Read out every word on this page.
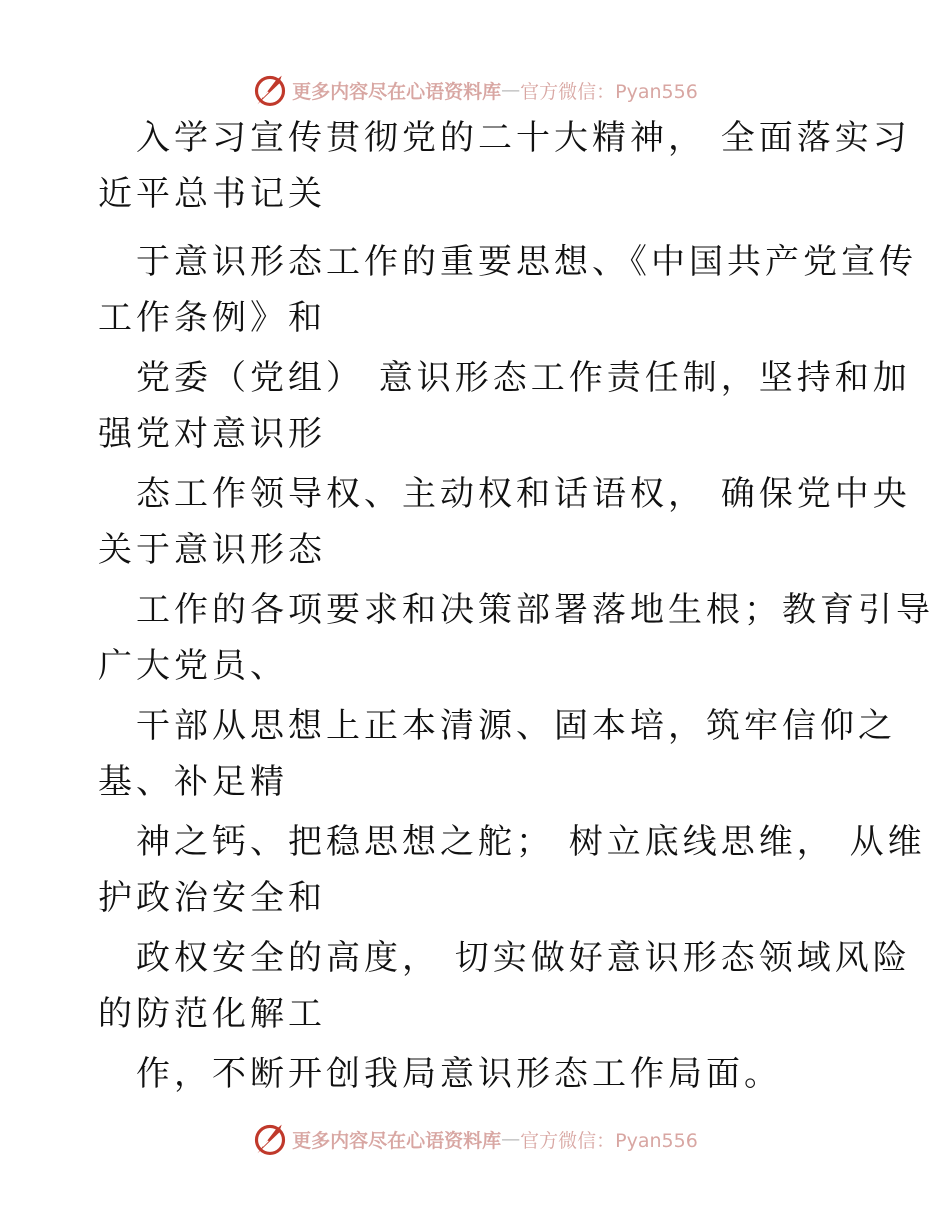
更多内容尽在心语资料库 — 官方微信：Pyan556
入学习宣传贯彻党的二十大精神， 全面落实习
近平总书记关
于意识形态工作的重要思想、《中国共产党宣传
工作条例》和
党委（党组） 意识形态工作责任制，坚持和加
强党对意识形
态工作领导权、主动权和话语权， 确保党中央
关于意识形态
工作的各项要求和决策部署落地生根；教育引导
广大党员、
干部从思想上正本清源、固本培，筑牢信仰之
基、补足精
神之钙、把稳思想之舵； 树立底线思维， 从维
护政治安全和
政权安全的高度， 切实做好意识形态领域风险
的防范化解工
作，不断开创我局意识形态工作局面。
更多内容尽在心语资料库 — 官方微信：Pyan556
